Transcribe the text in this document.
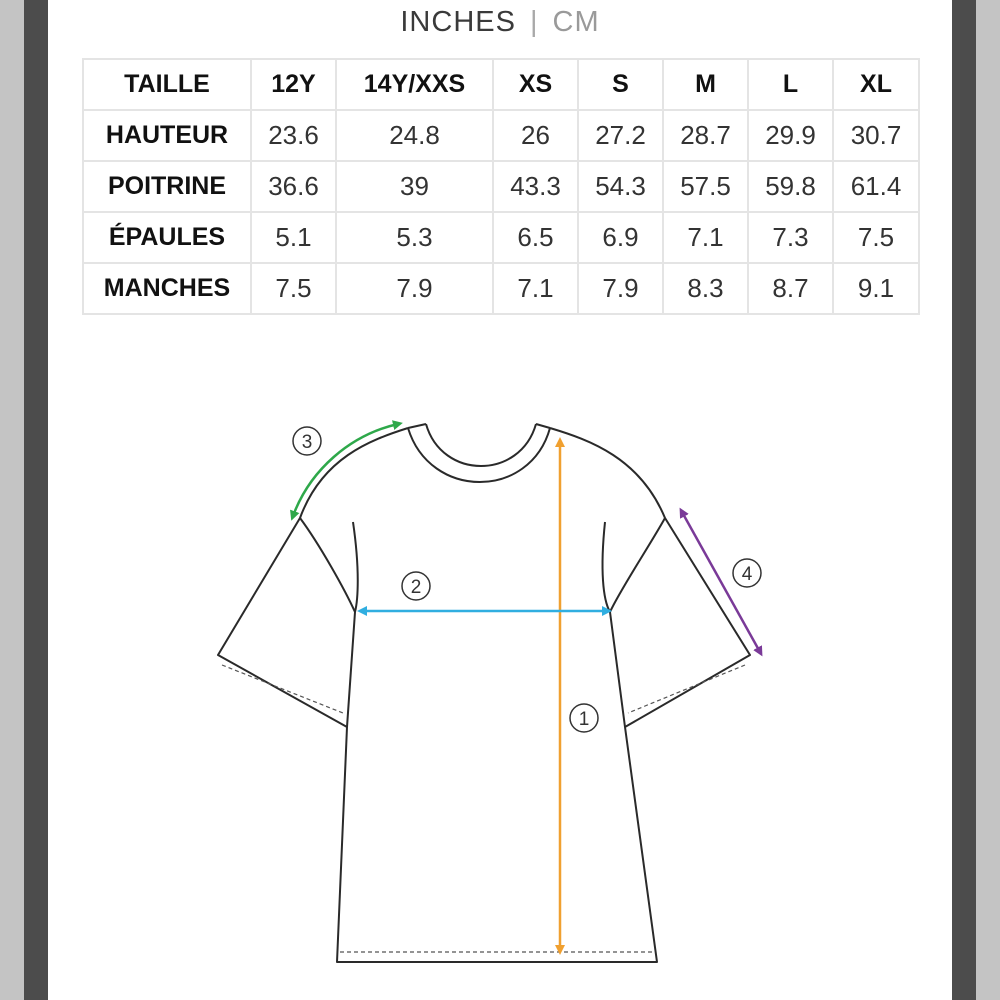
INCHES | CM
TAILLE	12Y	14Y/XXS	XS	S	M	L	XL
HAUTEUR	23.6	24.8	26	27.2	28.7	29.9	30.7
POITRINE	36.6	39	43.3	54.3	57.5	59.8	61.4
ÉPAULES	5.1	5.3	6.5	6.9	7.1	7.3	7.5
MANCHES	7.5	7.9	7.1	7.9	8.3	8.7	9.1
1
2
3
4
